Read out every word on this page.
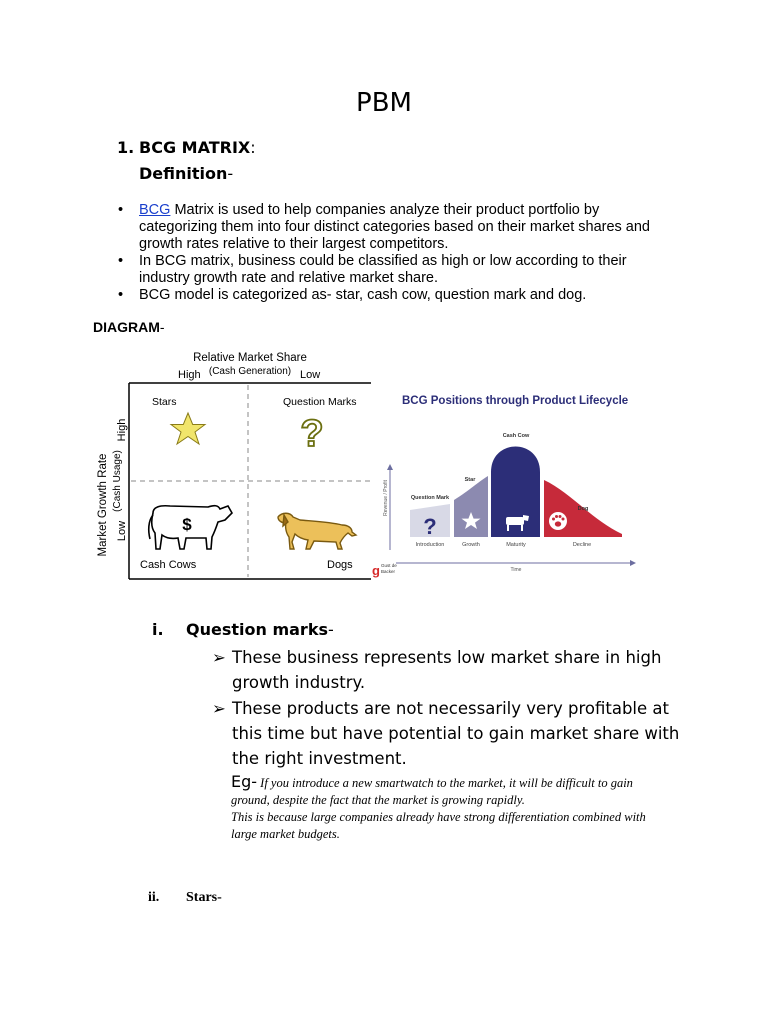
PBM
1. BCG MATRIX:
Definition-
• BCG Matrix is used to help companies analyze their product portfolio by categorizing them into four distinct categories based on their market shares and growth rates relative to their largest competitors.
• In BCG matrix, business could be classified as high or low according to their industry growth rate and relative market share.
• BCG model is categorized as- star, cash cow, question mark and dog.
DIAGRAM-
Relative Market Share
High (Cash Generation) Low
Market Growth Rate (Cash Usage)
High
Low
Stars	Question Marks
?
$
Cash Cows	Dogs
BCG Positions through Product Lifecycle
Revenue / Profit
?
Question Mark
Star
Cash Cow
Dog
Introduction	Growth	Maturity	Decline
Time
g Gust de
Backer
i. Question marks-
➢ These business represents low market share in high growth industry.
➢ These products are not necessarily very profitable at this time but have potential to gain market share with the right investment.
Eg- If you introduce a new smartwatch to the market, it will be difficult to gain ground, despite the fact that the market is growing rapidly.
This is because large companies already have strong differentiation combined with large market budgets.
ii. Stars-
